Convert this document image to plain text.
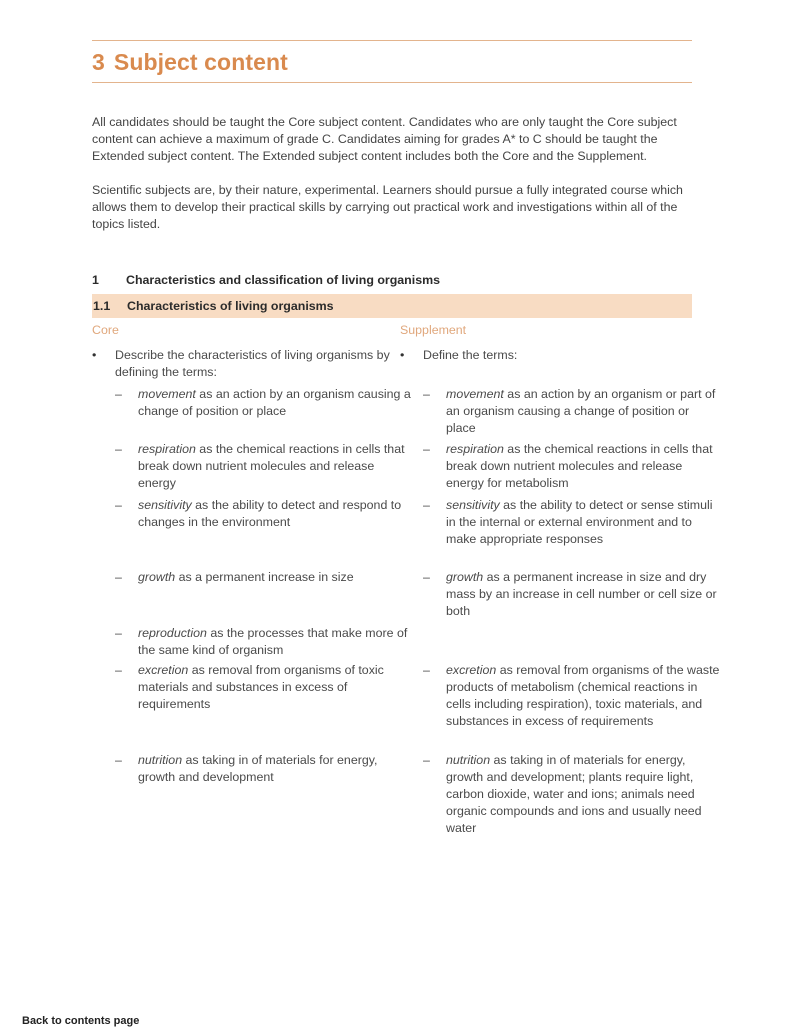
3 Subject content

All candidates should be taught the Core subject content. Candidates who are only taught the Core subject content can achieve a maximum of grade C. Candidates aiming for grades A* to C should be taught the Extended subject content. The Extended subject content includes both the Core and the Supplement.

Scientific subjects are, by their nature, experimental. Learners should pursue a fully integrated course which allows them to develop their practical skills by carrying out practical work and investigations within all of the topics listed.

1 Characteristics and classification of living organisms
1.1 Characteristics of living organisms
Core	Supplement
• Describe the characteristics of living organisms by defining the terms:
– movement as an action by an organism causing a change of position or place
– respiration as the chemical reactions in cells that break down nutrient molecules and release energy
– sensitivity as the ability to detect and respond to changes in the environment
– growth as a permanent increase in size
– reproduction as the processes that make more of the same kind of organism
– excretion as removal from organisms of toxic materials and substances in excess of requirements
– nutrition as taking in of materials for energy, growth and development
• Define the terms:
– movement as an action by an organism or part of an organism causing a change of position or place
– respiration as the chemical reactions in cells that break down nutrient molecules and release energy for metabolism
– sensitivity as the ability to detect or sense stimuli in the internal or external environment and to make appropriate responses
– growth as a permanent increase in size and dry mass by an increase in cell number or cell size or both
– excretion as removal from organisms of the waste products of metabolism (chemical reactions in cells including respiration), toxic materials, and substances in excess of requirements
– nutrition as taking in of materials for energy, growth and development; plants require light, carbon dioxide, water and ions; animals need organic compounds and ions and usually need water
Back to contents page
